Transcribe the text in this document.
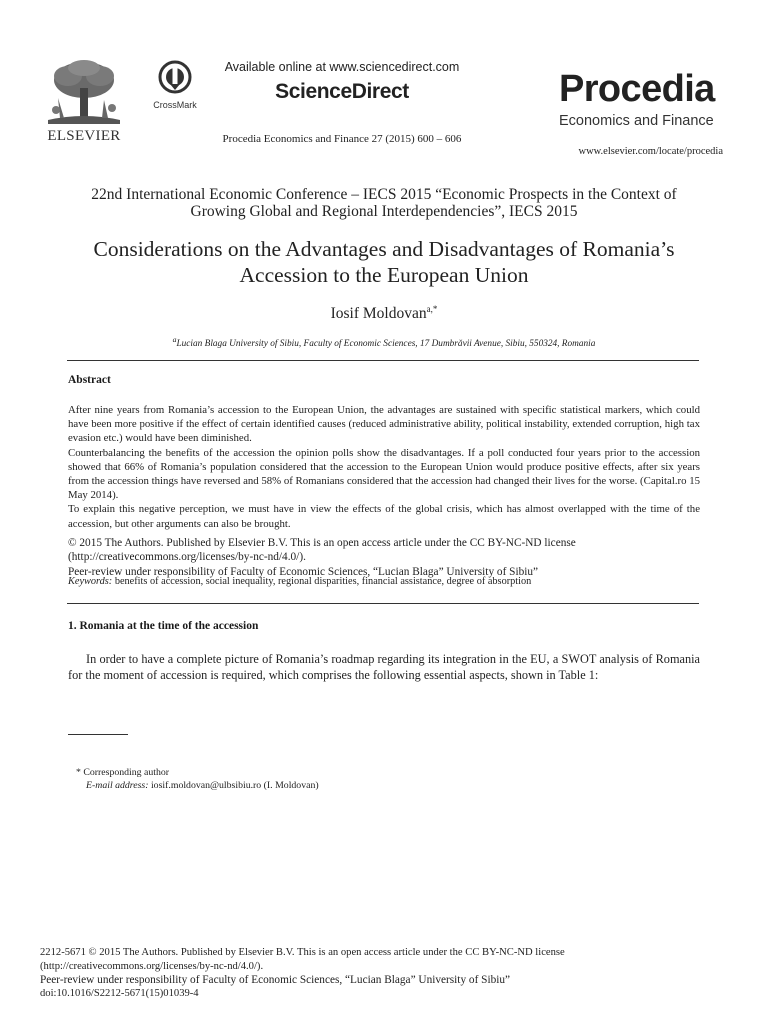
ELSEVIER
CrossMark
Available online at www.sciencedirect.com
ScienceDirect
Procedia Economics and Finance 27 (2015) 600 – 606
Procedia
Economics and Finance
www.elsevier.com/locate/procedia
22nd International Economic Conference – IECS 2015 “Economic Prospects in the Context of
Growing Global and Regional Interdependencies”, IECS 2015
Considerations on the Advantages and Disadvantages of Romania’s
Accession to the European Union
Iosif Moldovan$^{a,*}$
$^a$Lucian Blaga University of Sibiu, Faculty of Economic Sciences, 17 Dumbrăvii Avenue, Sibiu, 550324, Romania
Abstract

After nine years from Romania’s accession to the European Union, the advantages are sustained with specific statistical markers, which could have been more positive if the effect of certain identified causes (reduced administrative ability, political instability, extended corruption, high tax evasion etc.) would have been diminished.

Counterbalancing the benefits of the accession the opinion polls show the disadvantages. If a poll conducted four years prior to the accession showed that 66% of Romania’s population considered that the accession to the European Union would produce positive effects, after six years from the accession things have reversed and 58% of Romanians considered that the accession had changed their lives for the worse. (Capital.ro 15 May 2014).

To explain this negative perception, we must have in view the effects of the global crisis, which has almost overlapped with the time of the accession, but other arguments can also be brought.

© 2015 The Authors. Published by Elsevier B.V. This is an open access article under the CC BY-NC-ND license

(http://creativecommons.org/licenses/by-nc-nd/4.0/).

Peer-review under responsibility of Faculty of Economic Sciences, “Lucian Blaga” University of Sibiu”

Keywords: benefits of accession, social inequality, regional disparities, financial assistance, degree of absorption
1. Romania at the time of the accession
In order to have a complete picture of Romania’s roadmap regarding its integration in the EU, a SWOT analysis of Romania for the moment of accession is required, which comprises the following essential aspects, shown in Table 1:
* Corresponding author
E-mail address: iosif.moldovan@ulbsibiu.ro (I. Moldovan)

2212-5671 © 2015 The Authors. Published by Elsevier B.V. This is an open access article under the CC BY-NC-ND license

(http://creativecommons.org/licenses/by-nc-nd/4.0/).

Peer-review under responsibility of Faculty of Economic Sciences, “Lucian Blaga” University of Sibiu”

doi:10.1016/S2212-5671(15)01039-4
